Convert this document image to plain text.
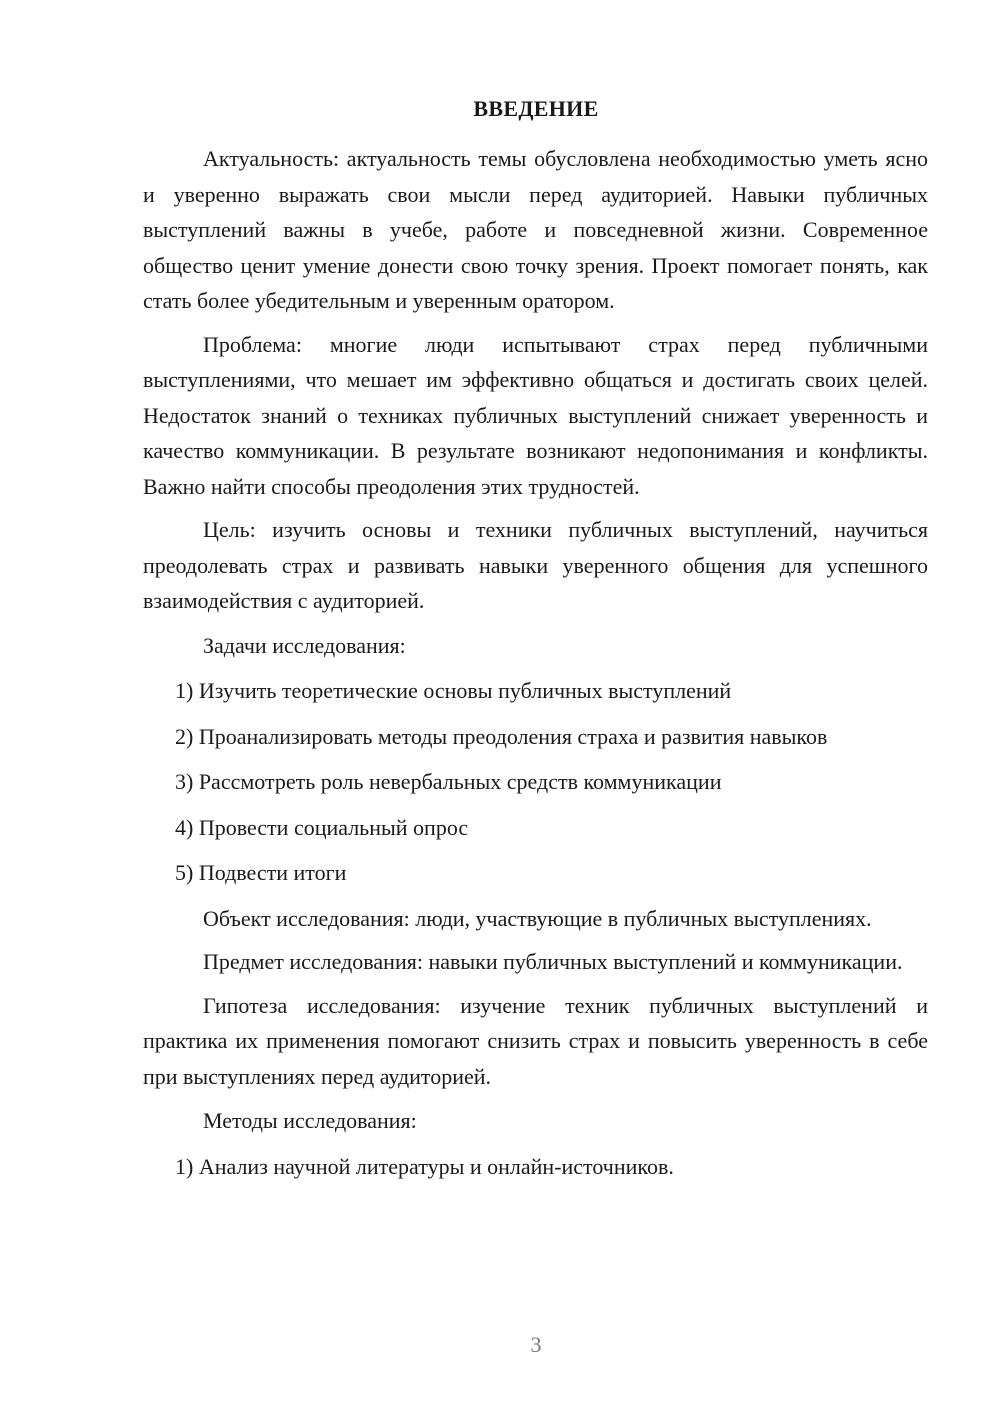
ВВЕДЕНИЕ

Актуальность: актуальность темы обусловлена необходимостью уметь ясно и уверенно выражать свои мысли перед аудиторией. Навыки публичных выступлений важны в учебе, работе и повседневной жизни. Современное общество ценит умение донести свою точку зрения. Проект помогает понять, как стать более убедительным и уверенным оратором.

Проблема: многие люди испытывают страх перед публичными выступлениями, что мешает им эффективно общаться и достигать своих целей. Недостаток знаний о техниках публичных выступлений снижает уверенность и качество коммуникации. В результате возникают недопонимания и конфликты. Важно найти способы преодоления этих трудностей.

Цель: изучить основы и техники публичных выступлений, научиться преодолевать страх и развивать навыки уверенного общения для успешного взаимодействия с аудиторией.

Задачи исследования:
1) Изучить теоретические основы публичных выступлений
2) Проанализировать методы преодоления страха и развития навыков
3) Рассмотреть роль невербальных средств коммуникации
4) Провести социальный опрос
5) Подвести итоги

Объект исследования: люди, участвующие в публичных выступлениях.

Предмет исследования: навыки публичных выступлений и коммуникации.

Гипотеза исследования: изучение техник публичных выступлений и практика их применения помогают снизить страх и повысить уверенность в себе при выступлениях перед аудиторией.

Методы исследования:
1) Анализ научной литературы и онлайн-источников.
3
